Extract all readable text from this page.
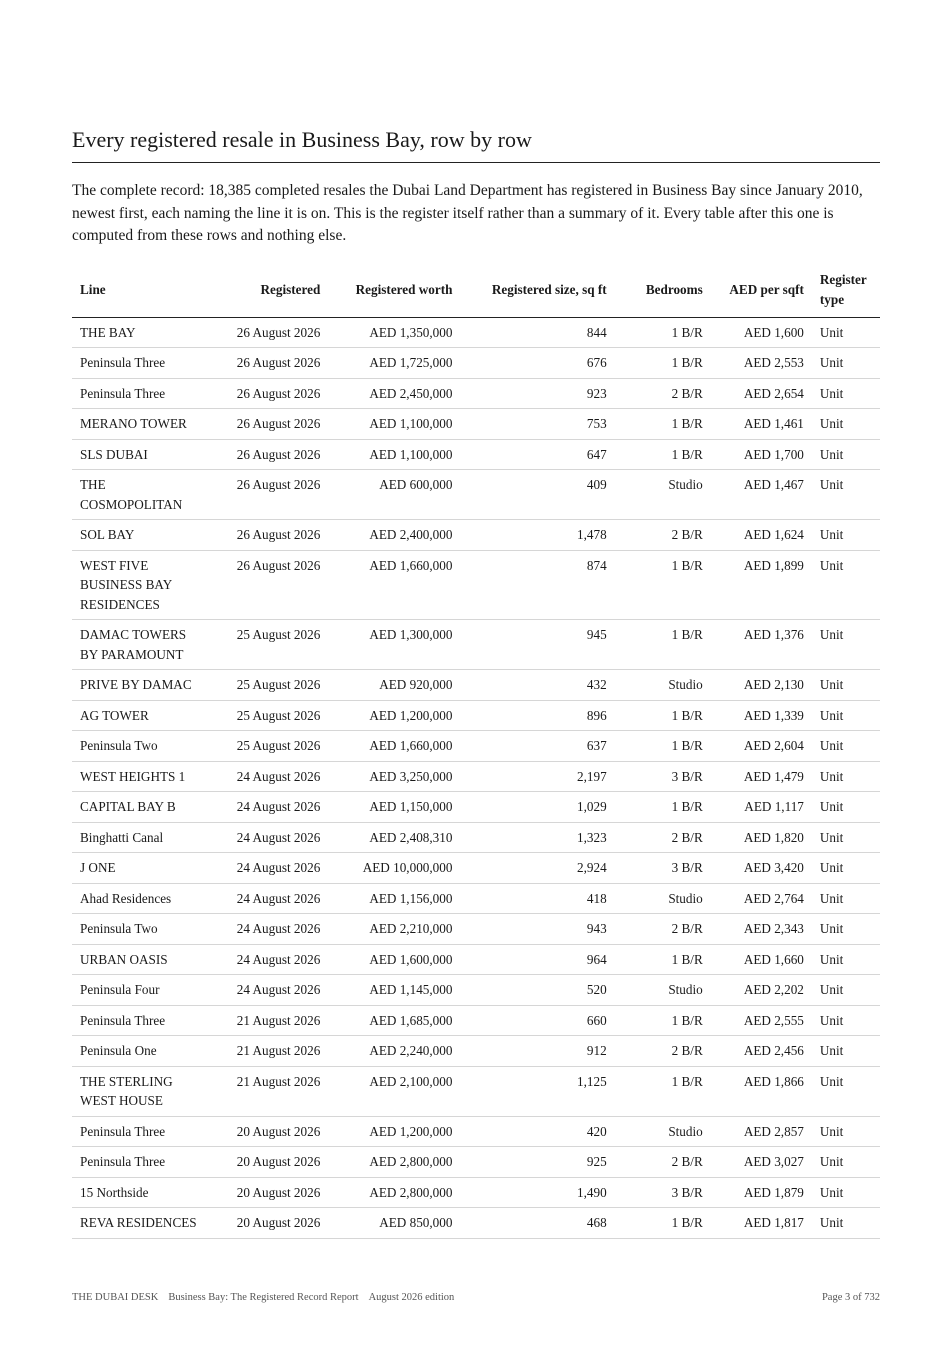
Every registered resale in Business Bay, row by row

The complete record: 18,385 completed resales the Dubai Land Department has registered in Business Bay since January 2010, newest first, each naming the line it is on. This is the register itself rather than a summary of it. Every table after this one is computed from these rows and nothing else.

Line	Registered	Registered worth	Registered size, sq ft	Bedrooms	AED per sqft	Register type
THE BAY	26 August 2026	AED 1,350,000	844	1 B/R	AED 1,600	Unit
Peninsula Three	26 August 2026	AED 1,725,000	676	1 B/R	AED 2,553	Unit
Peninsula Three	26 August 2026	AED 2,450,000	923	2 B/R	AED 2,654	Unit
MERANO TOWER	26 August 2026	AED 1,100,000	753	1 B/R	AED 1,461	Unit
SLS DUBAI	26 August 2026	AED 1,100,000	647	1 B/R	AED 1,700	Unit
THE COSMOPOLITAN	26 August 2026	AED 600,000	409	Studio	AED 1,467	Unit
SOL BAY	26 August 2026	AED 2,400,000	1,478	2 B/R	AED 1,624	Unit
WEST FIVE BUSINESS BAY RESIDENCES	26 August 2026	AED 1,660,000	874	1 B/R	AED 1,899	Unit
DAMAC TOWERS BY PARAMOUNT	25 August 2026	AED 1,300,000	945	1 B/R	AED 1,376	Unit
PRIVE BY DAMAC	25 August 2026	AED 920,000	432	Studio	AED 2,130	Unit
AG TOWER	25 August 2026	AED 1,200,000	896	1 B/R	AED 1,339	Unit
Peninsula Two	25 August 2026	AED 1,660,000	637	1 B/R	AED 2,604	Unit
WEST HEIGHTS 1	24 August 2026	AED 3,250,000	2,197	3 B/R	AED 1,479	Unit
CAPITAL BAY B	24 August 2026	AED 1,150,000	1,029	1 B/R	AED 1,117	Unit
Binghatti Canal	24 August 2026	AED 2,408,310	1,323	2 B/R	AED 1,820	Unit
J ONE	24 August 2026	AED 10,000,000	2,924	3 B/R	AED 3,420	Unit
Ahad Residences	24 August 2026	AED 1,156,000	418	Studio	AED 2,764	Unit
Peninsula Two	24 August 2026	AED 2,210,000	943	2 B/R	AED 2,343	Unit
URBAN OASIS	24 August 2026	AED 1,600,000	964	1 B/R	AED 1,660	Unit
Peninsula Four	24 August 2026	AED 1,145,000	520	Studio	AED 2,202	Unit
Peninsula Three	21 August 2026	AED 1,685,000	660	1 B/R	AED 2,555	Unit
Peninsula One	21 August 2026	AED 2,240,000	912	2 B/R	AED 2,456	Unit
THE STERLING WEST HOUSE	21 August 2026	AED 2,100,000	1,125	1 B/R	AED 1,866	Unit
Peninsula Three	20 August 2026	AED 1,200,000	420	Studio	AED 2,857	Unit
Peninsula Three	20 August 2026	AED 2,800,000	925	2 B/R	AED 3,027	Unit
15 Northside	20 August 2026	AED 2,800,000	1,490	3 B/R	AED 1,879	Unit
REVA RESIDENCES	20 August 2026	AED 850,000	468	1 B/R	AED 1,817	Unit
THE DUBAI DESK Business Bay: The Registered Record Report August 2026 edition	Page 3 of 732
